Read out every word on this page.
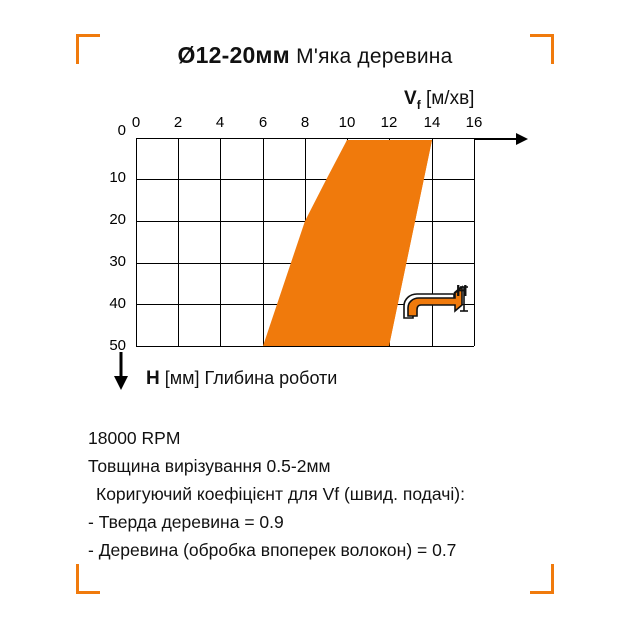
Ø12-20мм М'яка деревина
0	2	4	6	8	10 12 14 16
0
10
20
30
40
50
$V_f$ [м/хв]
H [мм] Глибина роботи
H
18000 RPM
Товщина вирізування 0.5-2мм
Коригуючий коефіцієнт для Vf (швид. подачі):
- Тверда деревина = 0.9
- Деревина (обробка впоперек волокон) = 0.7
